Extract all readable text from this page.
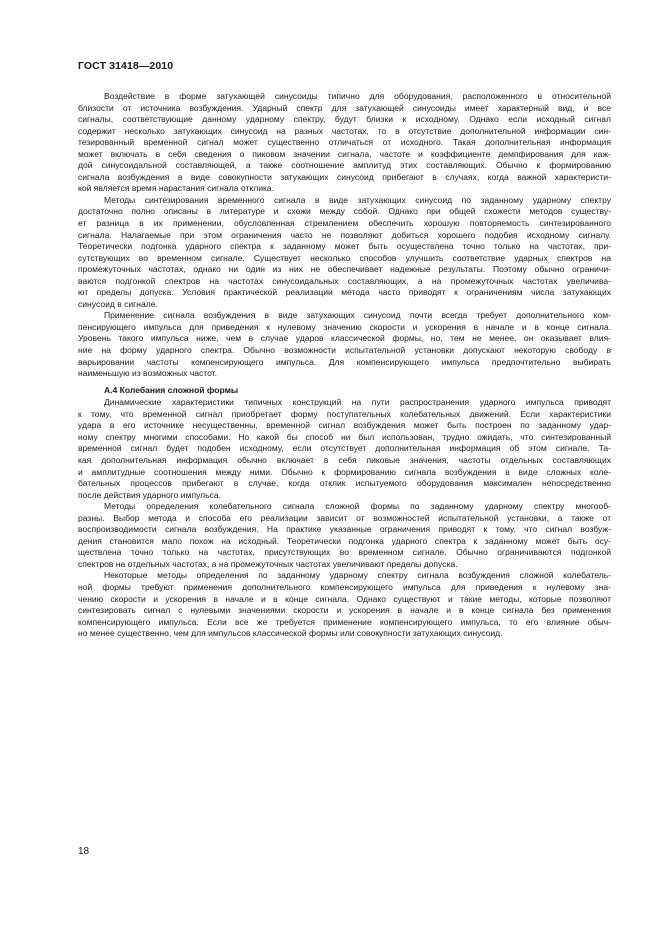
ГОСТ 31418—2010
Воздействие в форме затухающей синусоиды типично для оборудования, расположенного в относительной
близости от источника возбуждения. Ударный спектр для затухающей синусоиды имеет характерный вид, и все
сигналы, соответствующие данному ударному спектру, будут близки к исходному. Однако если исходный сигнал
содержит несколько затухающих синусоид на разных частотах, то в отсутствие дополнительной информации син-
тезированный временной сигнал может существенно отличаться от исходного. Такая дополнительная информация
может включать в себя сведения о пиковом значении сигнала, частоте и коэффициенте демпфирования для каж-
дой синусоидальной составляющей, а также соотношение амплитуд этих составляющих. Обычно к формированию
сигнала возбуждения в виде совокупности затухающих синусоид прибегают в случаях, когда важной характеристи-
кой является время нарастания сигнала отклика.
Методы синтезирования временного сигнала в виде затухающих синусоид по заданному ударному спектру
достаточно полно описаны в литературе и схожи между собой. Однако при общей схожести методов существу-
ет разница в их применении, обусловленная стремлением обеспечить хорошую повторяемость синтезированного
сигнала. Налагаемые при этом ограничения часто не позволяют добиться хорошего подобия исходному сигналу.
Теоретически подгонка ударного спектра к заданному может быть осуществлена точно только на частотах, при-
сутствующих во временном сигнале. Существует несколько способов улучшить соответствие ударных спектров на
промежуточных частотах, однако ни один из них не обеспечивает надежные результаты. Поэтому обычно ограничи-
ваются подгонкой спектров на частотах синусоидальных составляющих, а на промежуточных частотах увеличива-
ют пределы допуска. Условия практической реализации метода часто приводят к ограничениям числа затухающих
синусоид в сигнале.
Применение сигнала возбуждения в виде затухающих синусоид почти всегда требует дополнительного ком-
пенсирующего импульса для приведения к нулевому значению скорости и ускорения в начале и в конце сигнала.
Уровень такого импульса ниже, чем в случае ударов классической формы, но, тем не менее, он оказывает влия-
ние на форму ударного спектра. Обычно возможности испытательной установки допускают некоторую свободу в
варьировании частоты компенсирующего импульса. Для компенсирующего импульса предпочтительно выбирать
наименьшую из возможных частот.
А.4 Колебания сложной формы
Динамические характеристики типичных конструкций на пути распространения ударного импульса приводят
к тому, что временной сигнал приобретает форму поступательных колебательных движений. Если характеристики
удара в его источнике несущественны, временной сигнал возбуждения может быть построен по заданному удар-
ному спектру многими способами. Но какой бы способ ни был использован, трудно ожидать, что синтезированный
временной сигнал будет подобен исходному, если отсутствует дополнительная информация об этом сигнале. Та-
кая дополнительная информация обычно включает в себя пиковые значения, частоты отдельных составляющих
и амплитудные соотношения между ними. Обычно к формированию сигнала возбуждения в виде сложных коле-
бательных процессов прибегают в случае, когда отклик испытуемого оборудования максимален непосредственно
после действия ударного импульса.
Методы определения колебательного сигнала сложной формы по заданному ударному спектру многооб-
разны. Выбор метода и способа его реализации зависит от возможностей испытательной установки, а также от
воспроизводимости сигнала возбуждения. На практике указанные ограничения приводят к тому, что сигнал возбуж-
дения становится мало похож на исходный. Теоретически подгонка ударного спектра к заданному может быть осу-
ществлена точно только на частотах, присутствующих во временном сигнале. Обычно ограничиваются подгонкой
спектров на отдельных частотах, а на промежуточных частотах увеличивают пределы допуска.
Некоторые методы определения по заданному ударному спектру сигнала возбуждения сложной колебатель-
ной формы требуют применения дополнительного компенсирующего импульса для приведения к нулевому зна-
чению скорости и ускорения в начале и в конце сигнала. Однако существуют и такие методы, которые позволяют
синтезировать сигнал с нулевыми значениями скорости и ускорения в начале и в конце сигнала без применения
компенсирующего импульса. Если все же требуется применение компенсирующего импульса, то его влияние обыч-
но менее существенно, чем для импульсов классической формы или совокупности затухающих синусоид.
18
